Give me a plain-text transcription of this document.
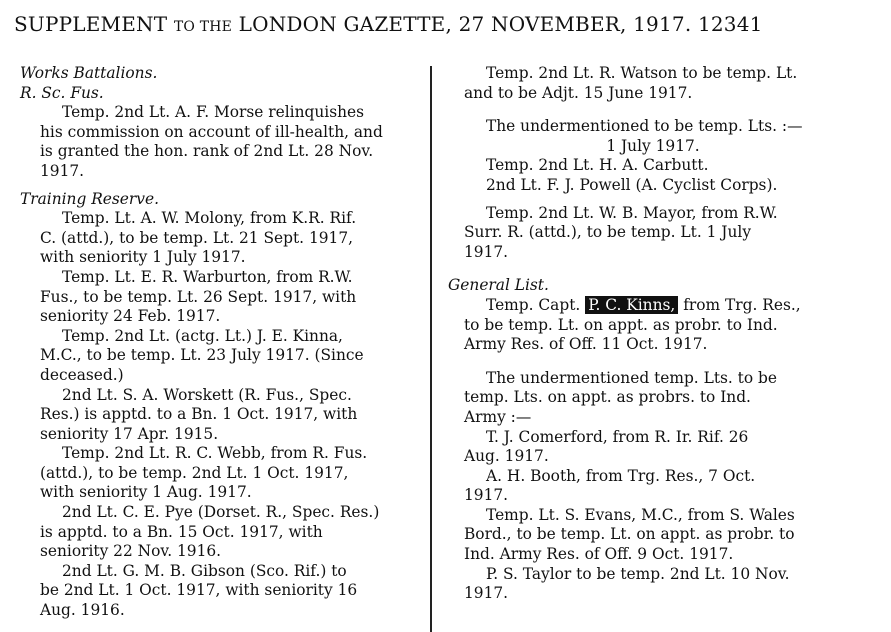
SUPPLEMENT TO THE LONDON GAZETTE, 27 NOVEMBER, 1917. 12341
Works Battalions.
R. Sc. Fus.
Temp. 2nd Lt. A. F. Morse relinquishes
his commission on account of ill-health, and
is granted the hon. rank of 2nd Lt. 28 Nov.
1917.
Training Reserve.
Temp. Lt. A. W. Molony, from K.R. Rif.
C. (attd.), to be temp. Lt. 21 Sept. 1917,
with seniority 1 July 1917.
Temp. Lt. E. R. Warburton, from R.W.
Fus., to be temp. Lt. 26 Sept. 1917, with
seniority 24 Feb. 1917.
Temp. 2nd Lt. (actg. Lt.) J. E. Kinna,
M.C., to be temp. Lt. 23 July 1917. (Since
deceased.)
2nd Lt. S. A. Worskett (R. Fus., Spec.
Res.) is apptd. to a Bn. 1 Oct. 1917, with
seniority 17 Apr. 1915.
Temp. 2nd Lt. R. C. Webb, from R. Fus.
(attd.), to be temp. 2nd Lt. 1 Oct. 1917,
with seniority 1 Aug. 1917.
2nd Lt. C. E. Pye (Dorset. R., Spec. Res.)
is apptd. to a Bn. 15 Oct. 1917, with
seniority 22 Nov. 1916.
2nd Lt. G. M. B. Gibson (Sco. Rif.) to
be 2nd Lt. 1 Oct. 1917, with seniority 16
Aug. 1916.
Temp. 2nd Lt. R. Watson to be temp. Lt.
and to be Adjt. 15 June 1917.
The undermentioned to be temp. Lts. :—
1 July 1917.
Temp. 2nd Lt. H. A. Carbutt.
2nd Lt. F. J. Powell (A. Cyclist Corps).
Temp. 2nd Lt. W. B. Mayor, from R.W.
Surr. R. (attd.), to be temp. Lt. 1 July
1917.
General List.
Temp. Capt. P. C. Kinns, from Trg. Res.,
to be temp. Lt. on appt. as probr. to Ind.
Army Res. of Off. 11 Oct. 1917.
The undermentioned temp. Lts. to be
temp. Lts. on appt. as probrs. to Ind.
Army :—
T. J. Comerford, from R. Ir. Rif. 26
Aug. 1917.
A. H. Booth, from Trg. Res., 7 Oct.
1917.
Temp. Lt. S. Evans, M.C., from S. Wales
Bord., to be temp. Lt. on appt. as probr. to
Ind. Army Res. of Off. 9 Oct. 1917.
P. S. Taylor to be temp. 2nd Lt. 10 Nov.
1917.
